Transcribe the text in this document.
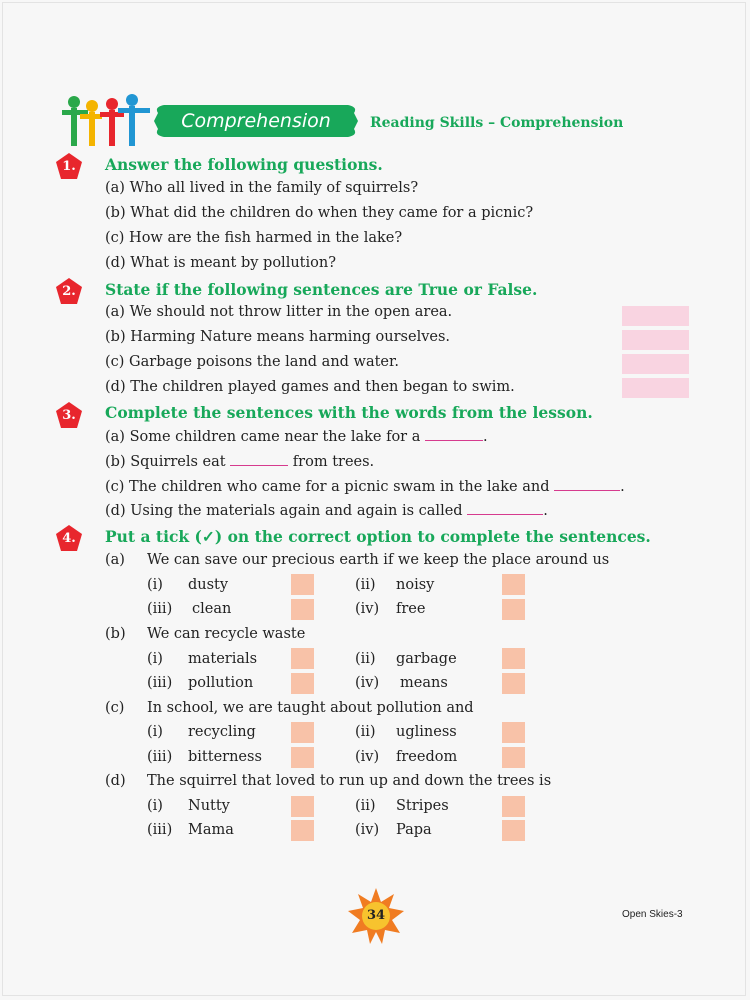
Comprehension	Reading Skills – Comprehension
1.	Answer the following questions.
(a) Who all lived in the family of squirrels?
(b) What did the children do when they came for a picnic?
(c) How are the fish harmed in the lake?
(d) What is meant by pollution?
2.	State if the following sentences are True or False.
(a) We should not throw litter in the open area.
(b) Harming Nature means harming ourselves.
(c) Garbage poisons the land and water.
(d) The children played games and then began to swim.
3.	Complete the sentences with the words from the lesson.
(a) Some children came near the lake for a	.
(b) Squirrels eat	from trees.
(c) The children who came for a picnic swam in the lake and	.
(d) Using the materials again and again is called	.
4.	Put a tick (✓) on the correct option to complete the sentences.
(a) We can save our precious earth if we keep the place around us
(i) dusty	(ii) noisy
(iii) clean	(iv) free
(b) We can recycle waste
(i) materials	(ii) garbage
(iii) pollution	(iv) means
(c) In school, we are taught about pollution and
(i) recycling	(ii) ugliness
(iii) bitterness	(iv) freedom
(d) The squirrel that loved to run up and down the trees is
(i) Nutty	(ii) Stripes
(iii) Mama	(iv) Papa
34	Open Skies-3
